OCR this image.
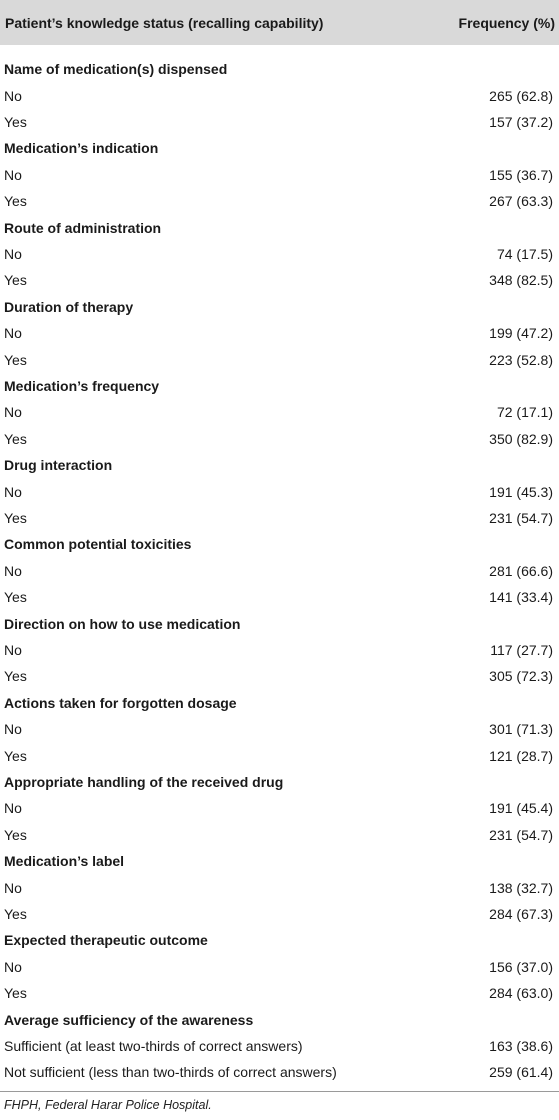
Patient’s knowledge status (recalling capability)	Frequency (%)
Name of medication(s) dispensed
No	265 (62.8)
Yes	157 (37.2)
Medication’s indication
No	155 (36.7)
Yes	267 (63.3)
Route of administration
No	74 (17.5)
Yes	348 (82.5)
Duration of therapy
No	199 (47.2)
Yes	223 (52.8)
Medication’s frequency
No	72 (17.1)
Yes	350 (82.9)
Drug interaction
No	191 (45.3)
Yes	231 (54.7)
Common potential toxicities
No	281 (66.6)
Yes	141 (33.4)
Direction on how to use medication
No	117 (27.7)
Yes	305 (72.3)
Actions taken for forgotten dosage
No	301 (71.3)
Yes	121 (28.7)
Appropriate handling of the received drug
No	191 (45.4)
Yes	231 (54.7)
Medication’s label
No	138 (32.7)
Yes	284 (67.3)
Expected therapeutic outcome
No	156 (37.0)
Yes	284 (63.0)
Average sufficiency of the awareness
Sufficient (at least two-thirds of correct answers)	163 (38.6)
Not sufficient (less than two-thirds of correct answers)	259 (61.4)
FHPH, Federal Harar Police Hospital.
